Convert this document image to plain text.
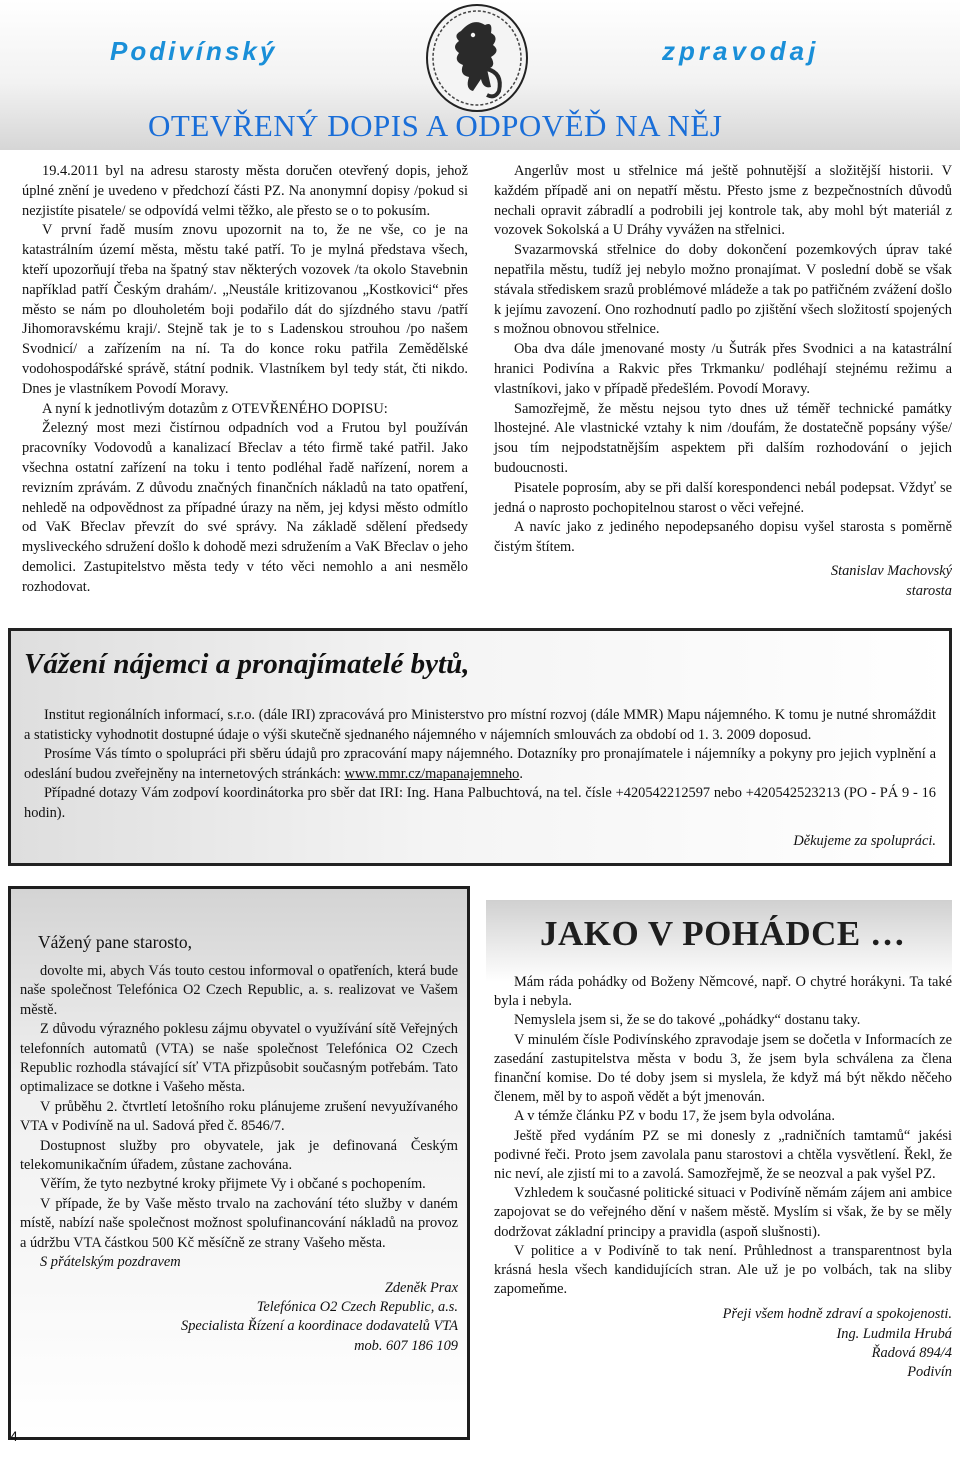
Podivínský	zpravodaj
OTEVŘENÝ DOPIS A ODPOVĚĎ NA NĚJ

19.4.2011 byl na adresu starosty města doručen otevřený dopis, jehož úplné znění je uvedeno v předchozí části PZ. Na anonymní dopisy /pokud si nezjistíte pisatele/ se odpovídá velmi těžko, ale přesto se o to pokusím.

V první řadě musím znovu upozornit na to, že ne vše, co je na katastrálním území města, městu také patří. To je mylná představa všech, kteří upozorňují třeba na špatný stav některých vozovek /ta okolo Stavebnin například patří Českým drahám/. „Neustále kritizovanou „Kostkovici“ přes město se nám po dlouholetém boji podařilo dát do sjízdného stavu /patří Jihomoravskému kraji/. Stejně tak je to s Ladenskou strouhou /po našem Svodnicí/ a zařízením na ní. Ta do konce roku patřila Zemědělské vodohospodářské správě, státní podnik. Vlastníkem byl tedy stát, čti nikdo. Dnes je vlastníkem Povodí Moravy.

A nyní k jednotlivým dotazům z OTEVŘENÉHO DOPISU:

Železný most mezi čistírnou odpadních vod a Frutou byl používán pracovníky Vodovodů a kanalizací Břeclav a této firmě také patřil. Jako všechna ostatní zařízení na toku i tento podléhal řadě nařízení, norem a revizním zprávám. Z důvodu značných finančních nákladů na tato opatření, nehledě na odpovědnost za případné úrazy na něm, jej kdysi město odmítlo od VaK Břeclav převzít do své správy. Na základě sdělení předsedy mysliveckého sdružení došlo k dohodě mezi sdružením a VaK Břeclav o jeho demolici. Zastupitelstvo města tedy v této věci nemohlo a ani nesmělo rozhodovat.

Angerlův most u střelnice má ještě pohnutější a složitější historii. V každém případě ani on nepatří městu. Přesto jsme z bezpečnostních důvodů nechali opravit zábradlí a podrobili jej kontrole tak, aby mohl být materiál z vozovek Sokolská a U Dráhy vyvážen na střelnici.

Svazarmovská střelnice do doby dokončení pozemkových úprav také nepatřila městu, tudíž jej nebylo možno pronajímat. V poslední době se však stávala střediskem srazů problémové mládeže a tak po patřičném zvážení došlo k jejímu zavození. Ono rozhodnutí padlo po zjištění všech složitostí spojených s možnou obnovou střelnice.

Oba dva dále jmenované mosty /u Šutrák přes Svodnici a na katastrální hranici Podivína a Rakvic přes Trkmanku/ podléhají stejnému režimu a vlastníkovi, jako v případě předešlém. Povodí Moravy.

Samozřejmě, že městu nejsou tyto dnes už téměř technické památky lhostejné. Ale vlastnické vztahy k nim /doufám, že dostatečně popsány výše/ jsou tím nejpodstatnějším aspektem při dalším rozhodování o jejich budoucnosti.

Pisatele poprosím, aby se při další korespondenci nebál podepsat. Vždyť se jedná o naprosto pochopitelnou starost o věci veřejné.

A navíc jako z jediného nepodepsaného dopisu vyšel starosta s poměrně čistým štítem.

Stanislav Machovský

starosta

Vážení nájemci a pronajímatelé bytů,

Institut regionálních informací, s.r.o. (dále IRI) zpracovává pro Ministerstvo pro místní rozvoj (dále MMR) Mapu nájemného. K tomu je nutné shromáždit a statisticky vyhodnotit dostupné údaje o výši skutečně sjednaného nájemného v nájemních smlouvách za období od 1. 3. 2009 doposud.

Prosíme Vás tímto o spolupráci při sběru údajů pro zpracování mapy nájemného. Dotazníky pro pronajímatele i nájemníky a pokyny pro jejich vyplnění a odeslání budou zveřejněny na internetových stránkách: www.mmr.cz/mapanajemneho.

Případné dotazy Vám zodpoví koordinátorka pro sběr dat IRI: Ing. Hana Palbuchtová, na tel. čísle +420542212597 nebo +420542523213 (PO - PÁ 9 - 16 hodin).

Děkujeme za spolupráci.

Vážený pane starosto,

dovolte mi, abych Vás touto cestou informoval o opatřeních, která bude naše společnost Telefónica O2 Czech Republic, a. s. realizovat ve Vašem městě.

Z důvodu výrazného poklesu zájmu obyvatel o využívání sítě Veřejných telefonních automatů (VTA) se naše společnost Telefónica O2 Czech Republic rozhodla stávající síť VTA přizpůsobit současným potřebám. Tato optimalizace se dotkne i Vašeho města.

V průběhu 2. čtvrtletí letošního roku plánujeme zrušení nevyužívaného VTA v Podivíně na ul. Sadová před č. 8546/7.

Dostupnost služby pro obyvatele, jak je definovaná Českým telekomunikačním úřadem, zůstane zachována.

Věřím, že tyto nezbytné kroky přijmete Vy i občané s pochopením.

V případe, že by Vaše město trvalo na zachování této služby v daném místě, nabízí naše společnost možnost spolufinancování nákladů na provoz a údržbu VTA částkou 500 Kč měsíčně ze strany Vašeho města.

S přátelským pozdravem

Zdeněk Prax

Telefónica O2 Czech Republic, a.s.

Specialista Řízení a koordinace dodavatelů VTA

mob. 607 186 109

JAKO V POHÁDCE …

Mám ráda pohádky od Boženy Němcové, např. O chytré horákyni. Ta také byla i nebyla.

Nemyslela jsem si, že se do takové „pohádky“ dostanu taky.

V minulém čísle Podivínského zpravodaje jsem se dočetla v Informacích ze zasedání zastupitelstva města v bodu 3, že jsem byla schválena za člena finanční komise. Do té doby jsem si myslela, že když má být někdo něčeho členem, měl by to aspoň vědět a být jmenován.

A v témže článku PZ v bodu 17, že jsem byla odvolána.

Ještě před vydáním PZ se mi donesly z „radničních tamtamů“ jakési podivné řeči. Proto jsem zavolala panu starostovi a chtěla vysvětlení. Řekl, že nic neví, ale zjistí mi to a zavolá. Samozřejmě, že se neozval a pak vyšel PZ.

Vzhledem k současné politické situaci v Podivíně němám zájem ani ambice zapojovat se do veřejného dění v našem městě. Myslím si však, že by se měly dodržovat základní principy a pravidla (aspoň slušnosti).

V politice a v Podivíně to tak není. Průhlednost a transparentnost byla krásná hesla všech kandidujících stran. Ale už je po volbách, tak na sliby zapomeňme.

Přeji všem hodně zdraví a spokojenosti.

Ing. Ludmila Hrubá

Řadová 894/4

Podivín

4
